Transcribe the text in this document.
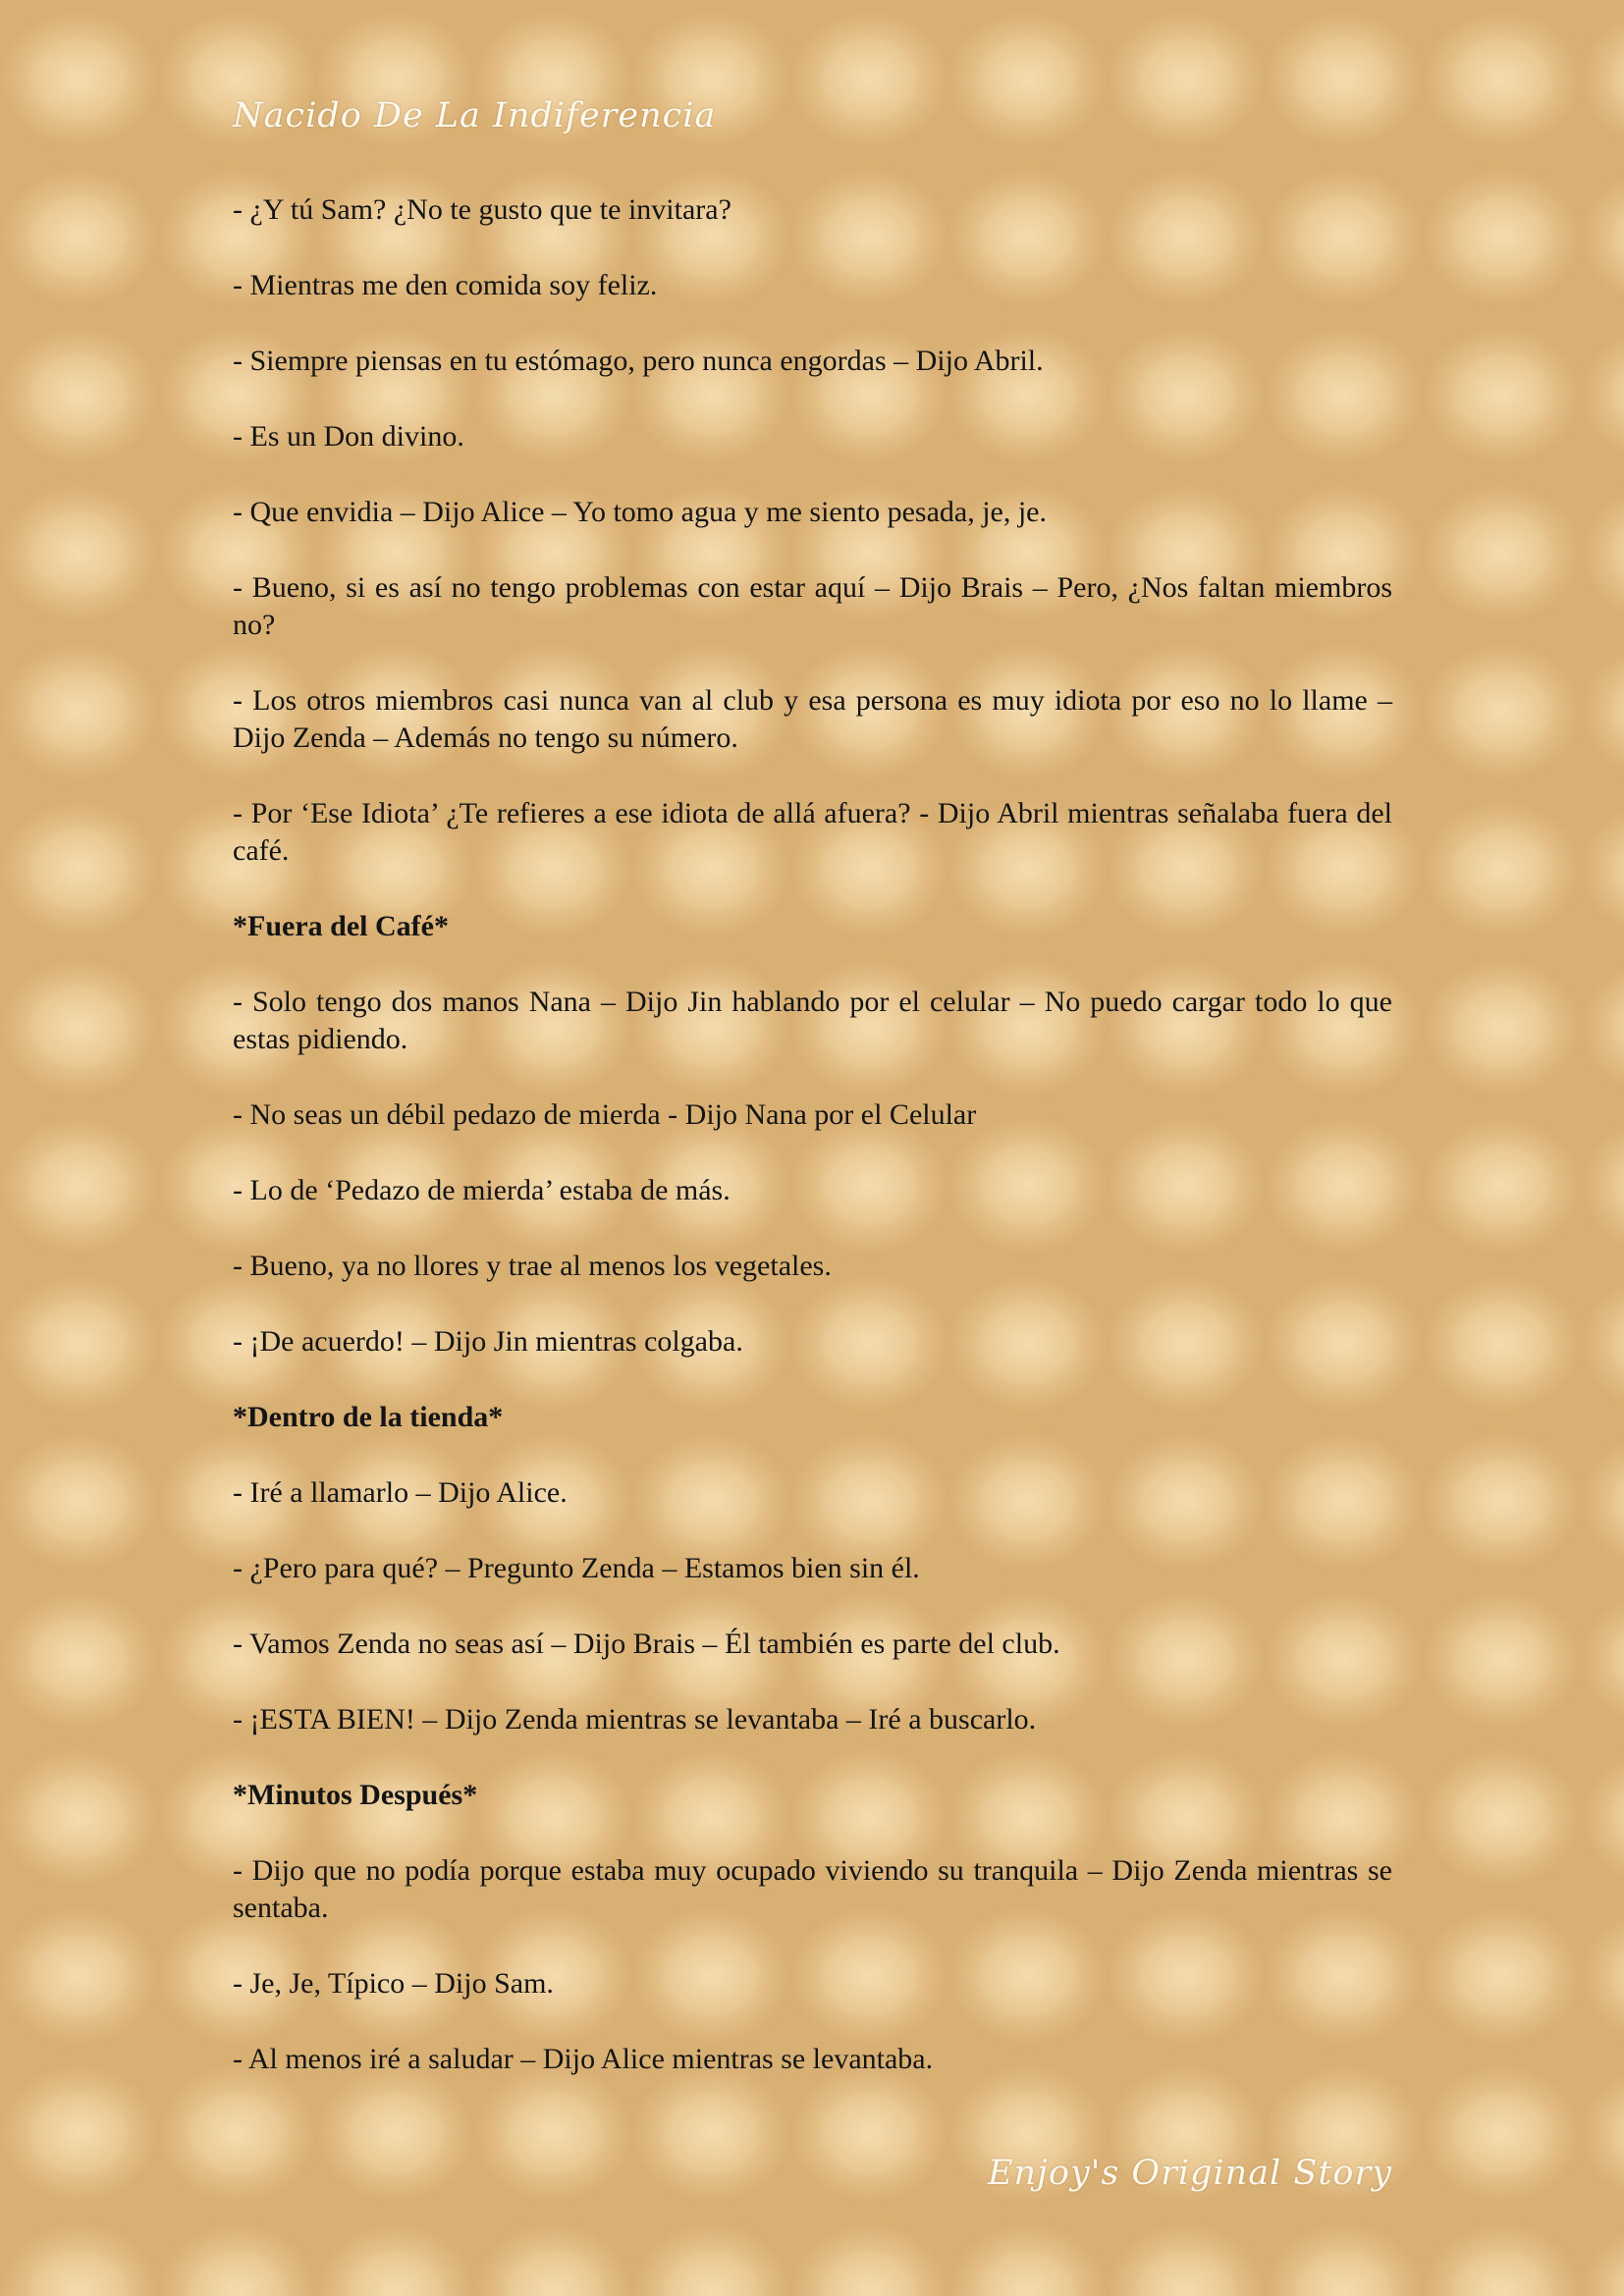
Nacido De La Indiferencia

- ¿Y tú Sam? ¿No te gusto que te invitara?

- Mientras me den comida soy feliz.

- Siempre piensas en tu estómago, pero nunca engordas – Dijo Abril.

- Es un Don divino.

- Que envidia – Dijo Alice – Yo tomo agua y me siento pesada, je, je.

- Bueno, si es así no tengo problemas con estar aquí – Dijo Brais – Pero, ¿Nos faltan miembros no?

- Los otros miembros casi nunca van al club y esa persona es muy idiota por eso no lo llame – Dijo Zenda – Además no tengo su número.

- Por ‘Ese Idiota’ ¿Te refieres a ese idiota de allá afuera? - Dijo Abril mientras señalaba fuera del café.

*Fuera del Café*

- Solo tengo dos manos Nana – Dijo Jin hablando por el celular – No puedo cargar todo lo que estas pidiendo.

- No seas un débil pedazo de mierda - Dijo Nana por el Celular

- Lo de ‘Pedazo de mierda’ estaba de más.

- Bueno, ya no llores y trae al menos los vegetales.

- ¡De acuerdo! – Dijo Jin mientras colgaba.

*Dentro de la tienda*

- Iré a llamarlo – Dijo Alice.

- ¿Pero para qué? – Pregunto Zenda – Estamos bien sin él.

- Vamos Zenda no seas así – Dijo Brais – Él también es parte del club.

- ¡ESTA BIEN! – Dijo Zenda mientras se levantaba – Iré a buscarlo.

*Minutos Después*

- Dijo que no podía porque estaba muy ocupado viviendo su tranquila – Dijo Zenda mientras se sentaba.

- Je, Je, Típico – Dijo Sam.

- Al menos iré a saludar – Dijo Alice mientras se levantaba.

Enjoy's Original Story
